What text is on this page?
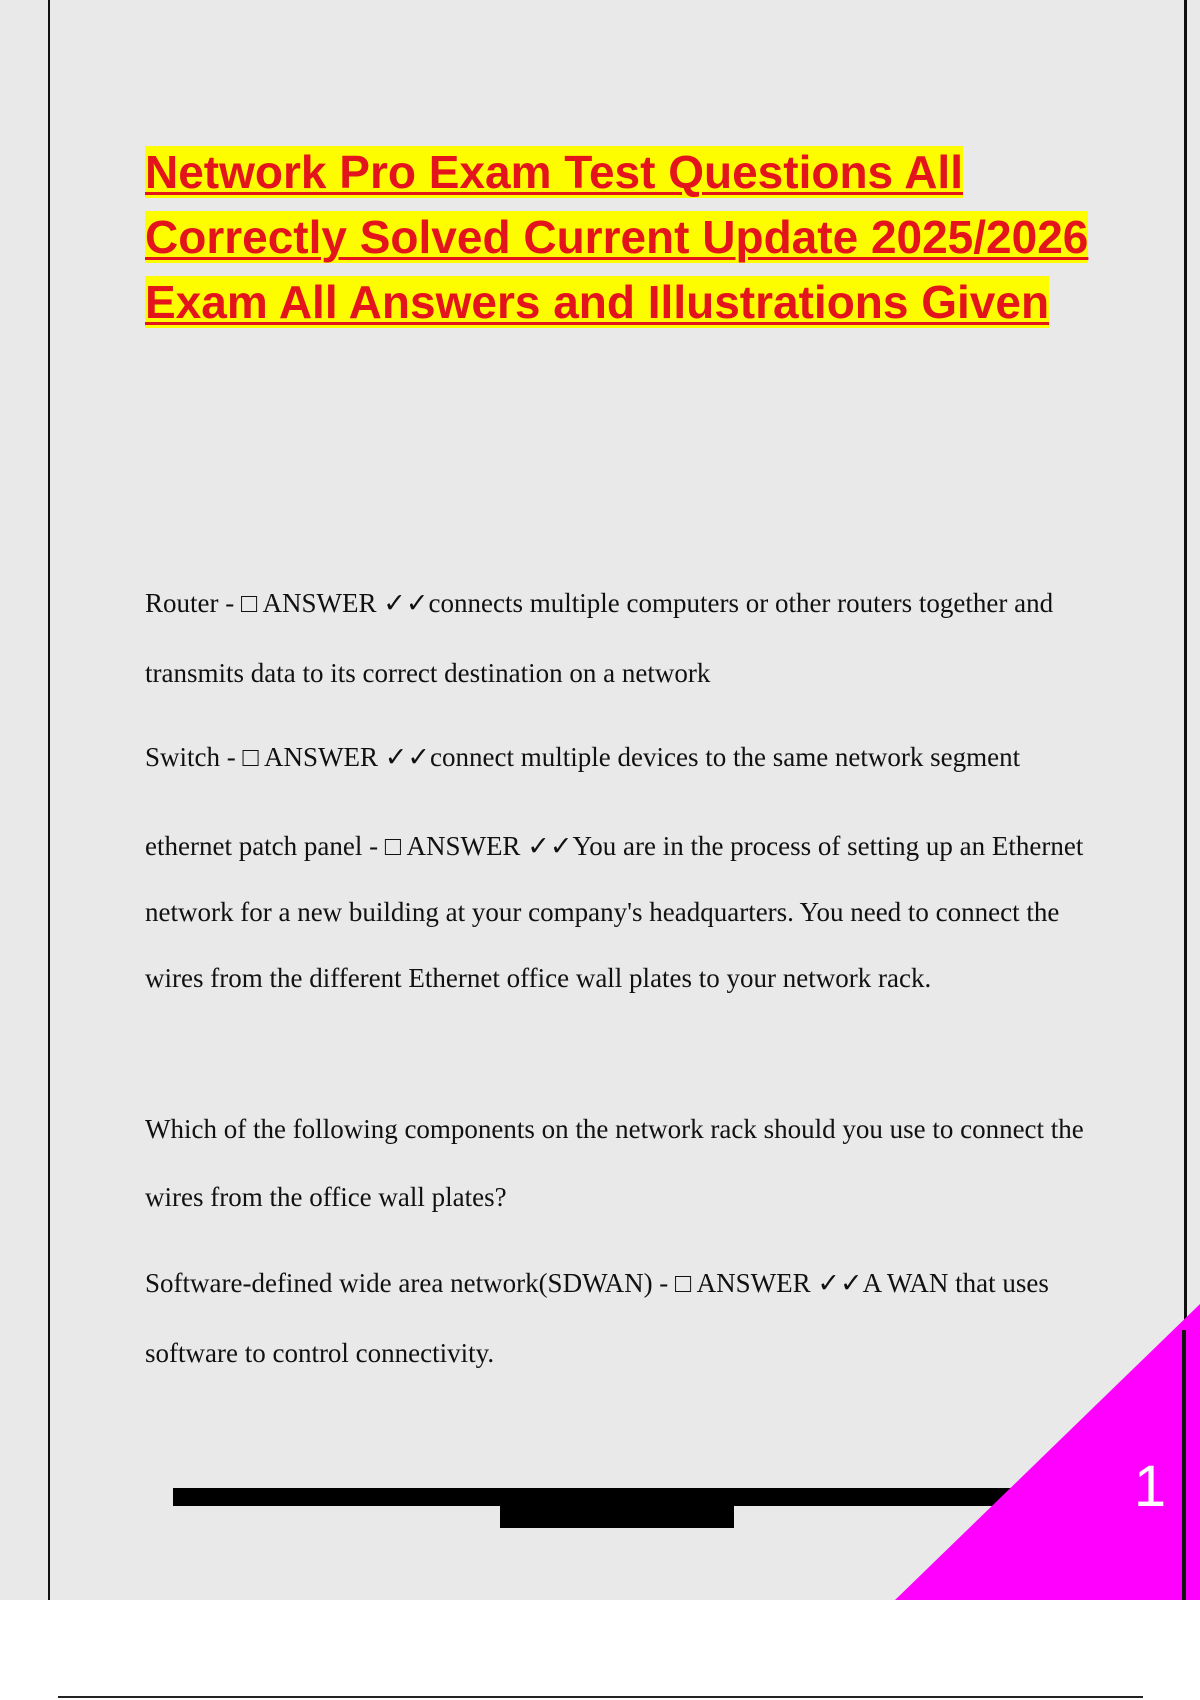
Network Pro Exam Test Questions All Correctly Solved Current Update 2025/2026 Exam All Answers and Illustrations Given

Router - □ ANSWER ✓✓connects multiple computers or other routers together and transmits data to its correct destination on a network

Switch - □ ANSWER ✓✓connect multiple devices to the same network segment

ethernet patch panel - □ ANSWER ✓✓You are in the process of setting up an Ethernet network for a new building at your company's headquarters. You need to connect the wires from the different Ethernet office wall plates to your network rack.

Which of the following components on the network rack should you use to connect the wires from the office wall plates?

Software-defined wide area network(SDWAN) - □ ANSWER ✓✓A WAN that uses software to control connectivity.

1
